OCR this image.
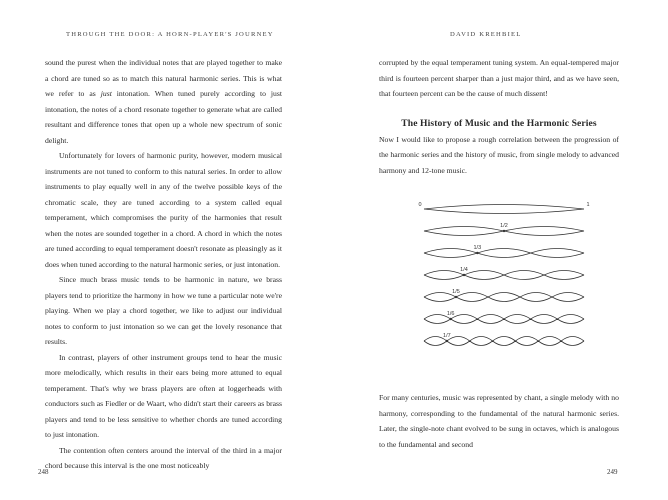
THROUGH THE DOOR: A HORN-PLAYER'S JOURNEY

sound the purest when the individual notes that are played together to make a chord are tuned so as to match this natural harmonic series. This is what we refer to as just intonation. When tuned purely according to just intonation, the notes of a chord resonate together to generate what are called resultant and difference tones that open up a whole new spectrum of sonic delight.

Unfortunately for lovers of harmonic purity, however, modern musical instruments are not tuned to conform to this natural series. In order to allow instruments to play equally well in any of the twelve possible keys of the chromatic scale, they are tuned according to a system called equal temperament, which compromises the purity of the harmonies that result when the notes are sounded together in a chord. A chord in which the notes are tuned according to equal temperament doesn't resonate as pleasingly as it does when tuned according to the natural harmonic series, or just intonation.

Since much brass music tends to be harmonic in nature, we brass players tend to prioritize the harmony in how we tune a particular note we're playing. When we play a chord together, we like to adjust our individual notes to conform to just intonation so we can get the lovely resonance that results.

In contrast, players of other instrument groups tend to hear the music more melodically, which results in their ears being more attuned to equal temperament. That's why we brass players are often at loggerheads with conductors such as Fiedler or de Waart, who didn't start their careers as brass players and tend to be less sensitive to whether chords are tuned according to just intonation.

The contention often centers around the interval of the third in a major chord because this interval is the one most noticeably

248
DAVID KREHBIEL

corrupted by the equal temperament tuning system. An equal-tempered major third is fourteen percent sharper than a just major third, and as we have seen, that fourteen percent can be the cause of much dissent!

The History of Music and the Harmonic Series

Now I would like to propose a rough correlation between the progression of the harmonic series and the history of music, from single melody to advanced harmony and 12-tone music.

1/2
1/3
1/4
1/5
1/6
1/7
0	1
For many centuries, music was represented by chant, a single melody with no harmony, corresponding to the fundamental of the natural harmonic series. Later, the single-note chant evolved to be sung in octaves, which is analogous to the fundamental and second
249
